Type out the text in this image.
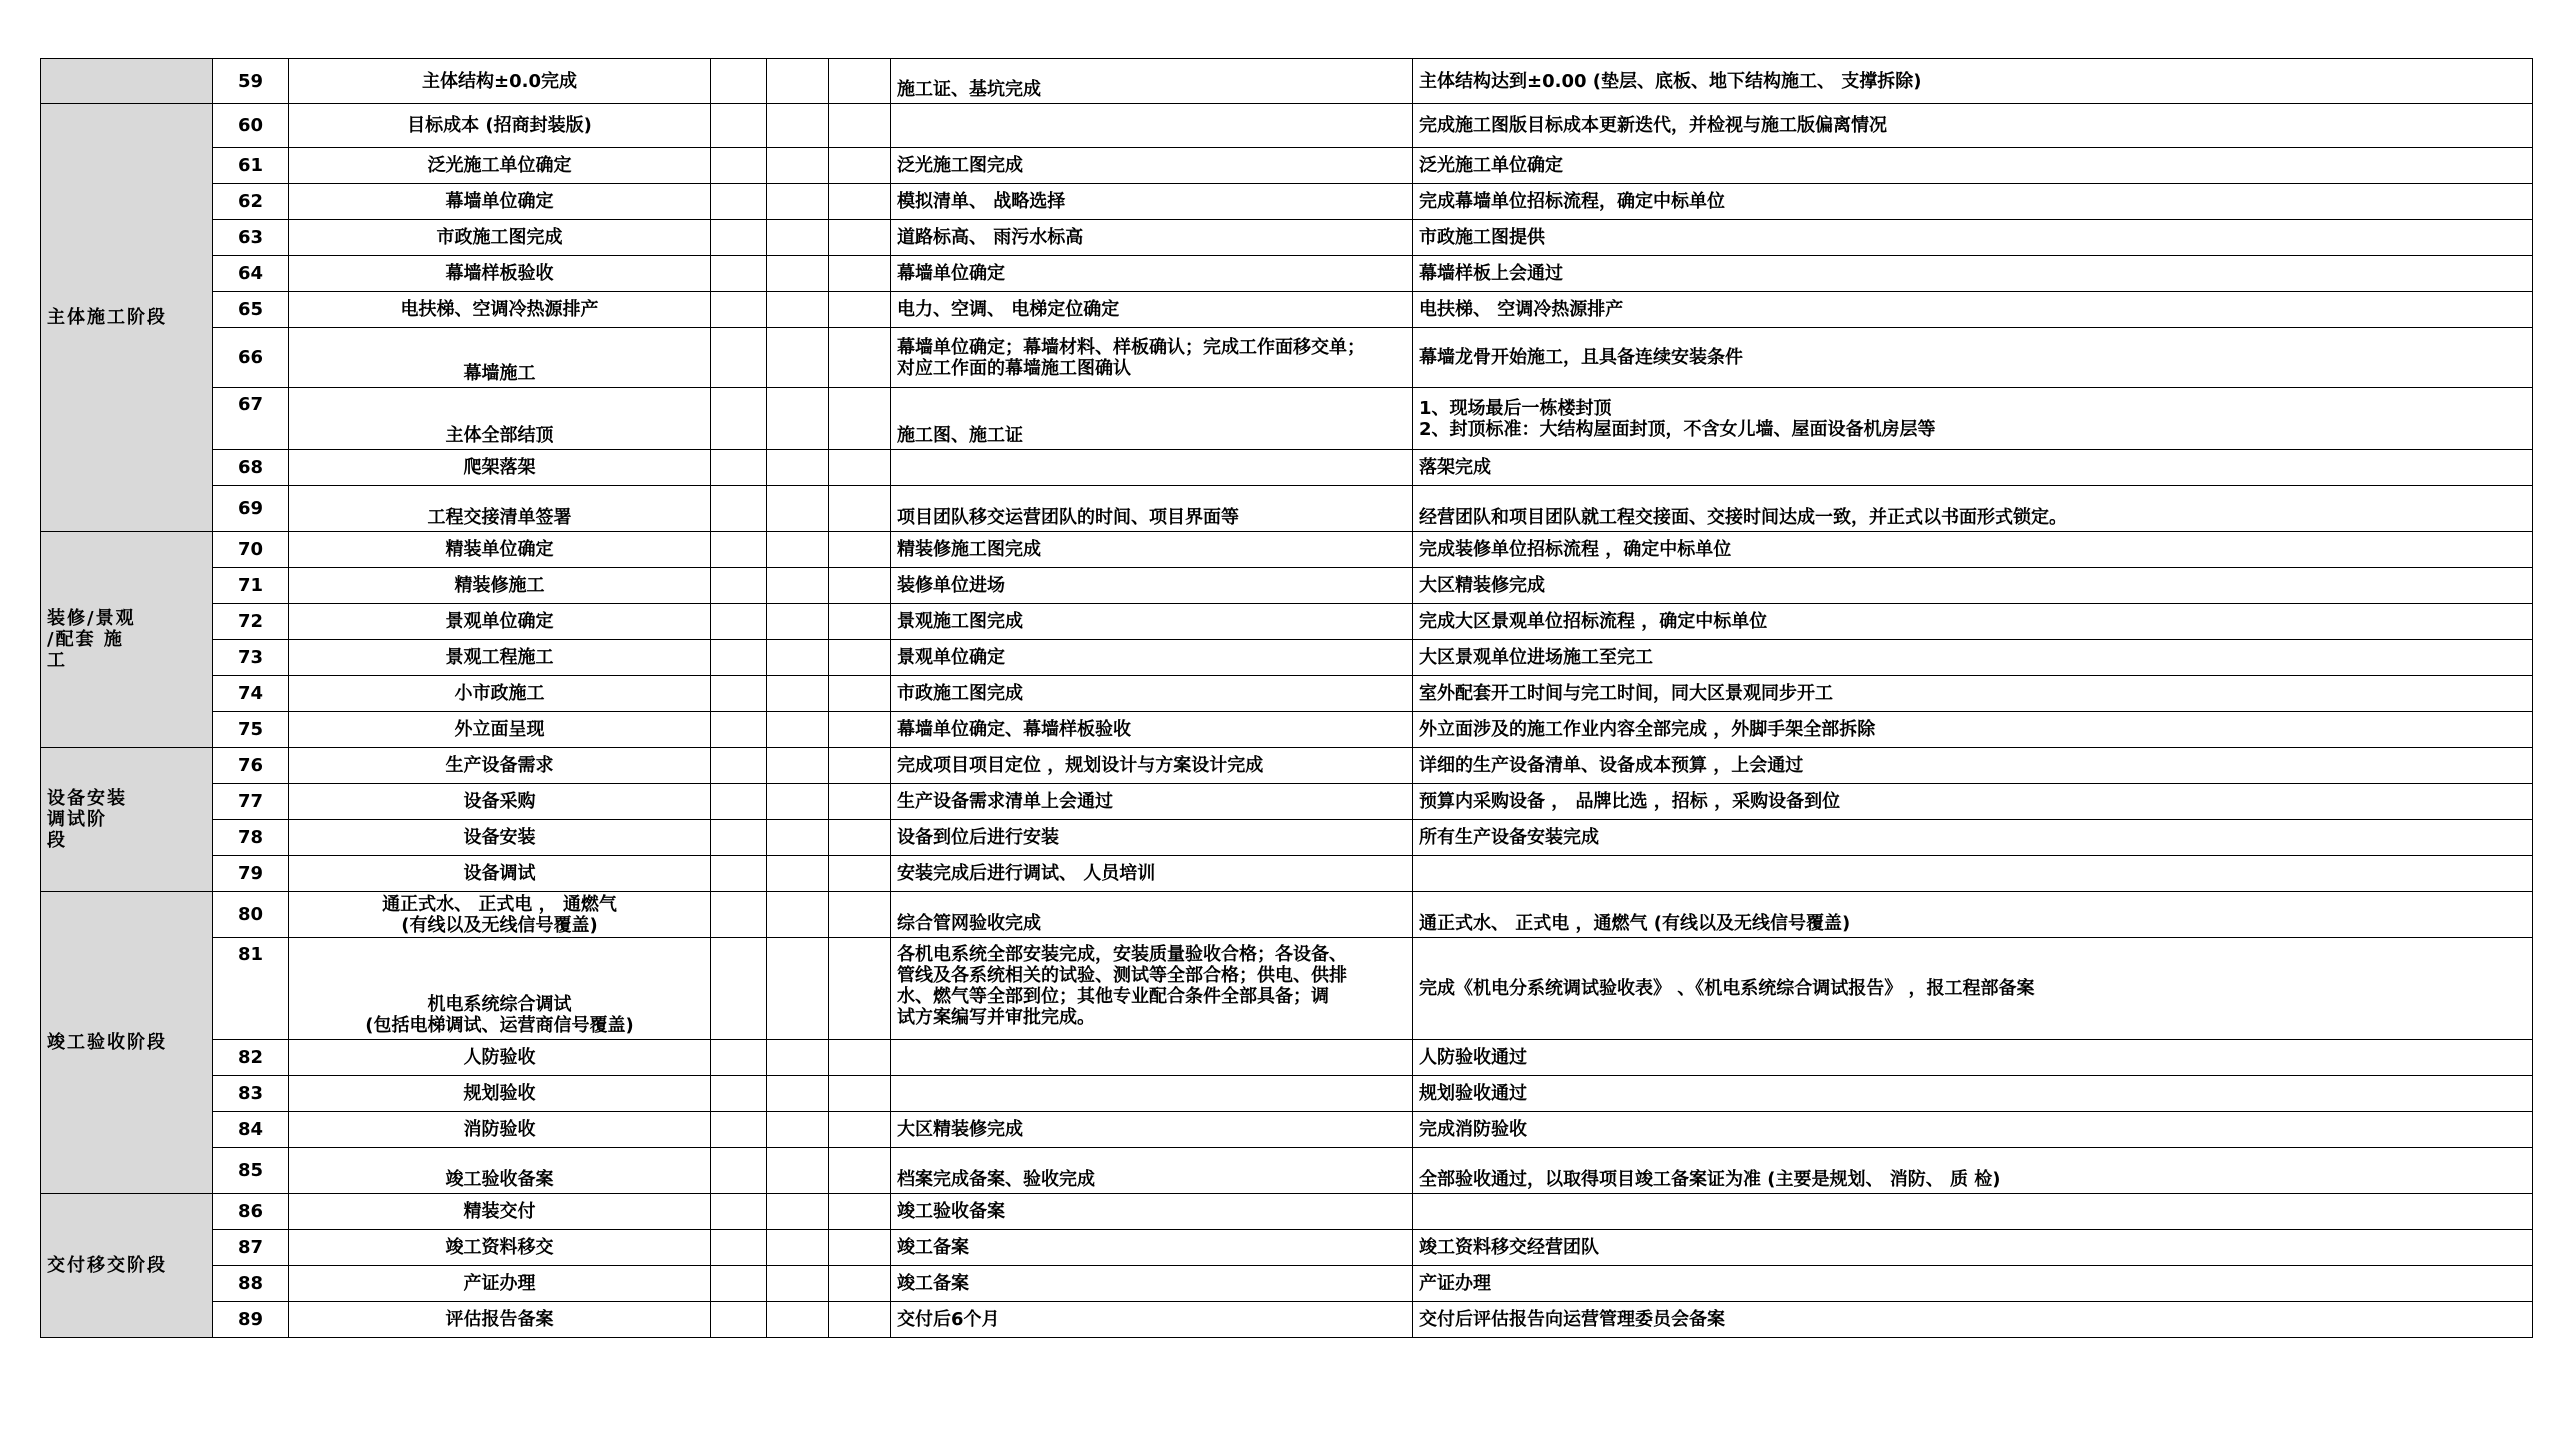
	59	主体结构±0.0完成				施工证、基坑完成	主体结构达到±0.00 (垫层、底板、地下结构施工、 支撑拆除)
主体施工阶段	60	目标成本 (招商封装版)					完成施工图版目标成本更新迭代，并检视与施工版偏离情况
	61	泛光施工单位确定				泛光施工图完成	泛光施工单位确定
	62	幕墙单位确定				模拟清单、 战略选择	完成幕墙单位招标流程，确定中标单位
	63	市政施工图完成				道路标高、 雨污水标高	市政施工图提供
	64	幕墙样板验收				幕墙单位确定	幕墙样板上会通过
	65	电扶梯、空调冷热源排产				电力、空调、 电梯定位确定	电扶梯、 空调冷热源排产
	66	幕墙施工				幕墙单位确定；幕墙材料、样板确认；完成工作面移交单；
对应工作面的幕墙施工图确认	幕墙龙骨开始施工，且具备连续安装条件
	67	主体全部结顶				施工图、施工证	1、现场最后一栋楼封顶
2、封顶标准：大结构屋面封顶，不含女儿墙、屋面设备机房层等
	68	爬架落架					落架完成
	69	工程交接清单签署				项目团队移交运营团队的时间、项目界面等	经营团队和项目团队就工程交接面、交接时间达成一致，并正式以书面形式锁定。
装修/景观
/配套 施
工	70	精装单位确定				精装修施工图完成	完成装修单位招标流程 ，确定中标单位
	71	精装修施工				装修单位进场	大区精装修完成
	72	景观单位确定				景观施工图完成	完成大区景观单位招标流程 ，确定中标单位
	73	景观工程施工				景观单位确定	大区景观单位进场施工至完工
	74	小市政施工				市政施工图完成	室外配套开工时间与完工时间，同大区景观同步开工
	75	外立面呈现				幕墙单位确定、幕墙样板验收	外立面涉及的施工作业内容全部完成 ，外脚手架全部拆除
设备安装
调试阶
段	76	生产设备需求				完成项目项目定位 ，规划设计与方案设计完成	详细的生产设备清单、设备成本预算 ，上会通过
	77	设备采购				生产设备需求清单上会通过	预算内采购设备 ， 品牌比选 ，招标 ，采购设备到位
	78	设备安装				设备到位后进行安装	所有生产设备安装完成
	79	设备调试				安装完成后进行调试、 人员培训	
竣工验收阶段	80	通正式水、 正式电 ， 通燃气
(有线以及无线信号覆盖)				综合管网验收完成	通正式水、 正式电 ，通燃气 (有线以及无线信号覆盖)
	81	机电系统综合调试
(包括电梯调试、运营商信号覆盖)				各机电系统全部安装完成，安装质量验收合格；各设备、
管线及各系统相关的试验、测试等全部合格；供电、供排
水、燃气等全部到位；其他专业配合条件全部具备；调
试方案编写并审批完成。	完成《机电分系统调试验收表》 、《机电系统综合调试报告》 ，报工程部备案
	82	人防验收					人防验收通过
	83	规划验收					规划验收通过
	84	消防验收				大区精装修完成	完成消防验收
	85	竣工验收备案				档案完成备案、验收完成	全部验收通过，以取得项目竣工备案证为准 (主要是规划、 消防、 质 检)
交付移交阶段	86	精装交付				竣工验收备案	
	87	竣工资料移交				竣工备案	竣工资料移交经营团队
	88	产证办理				竣工备案	产证办理
	89	评估报告备案				交付后6个月	交付后评估报告向运营管理委员会备案
